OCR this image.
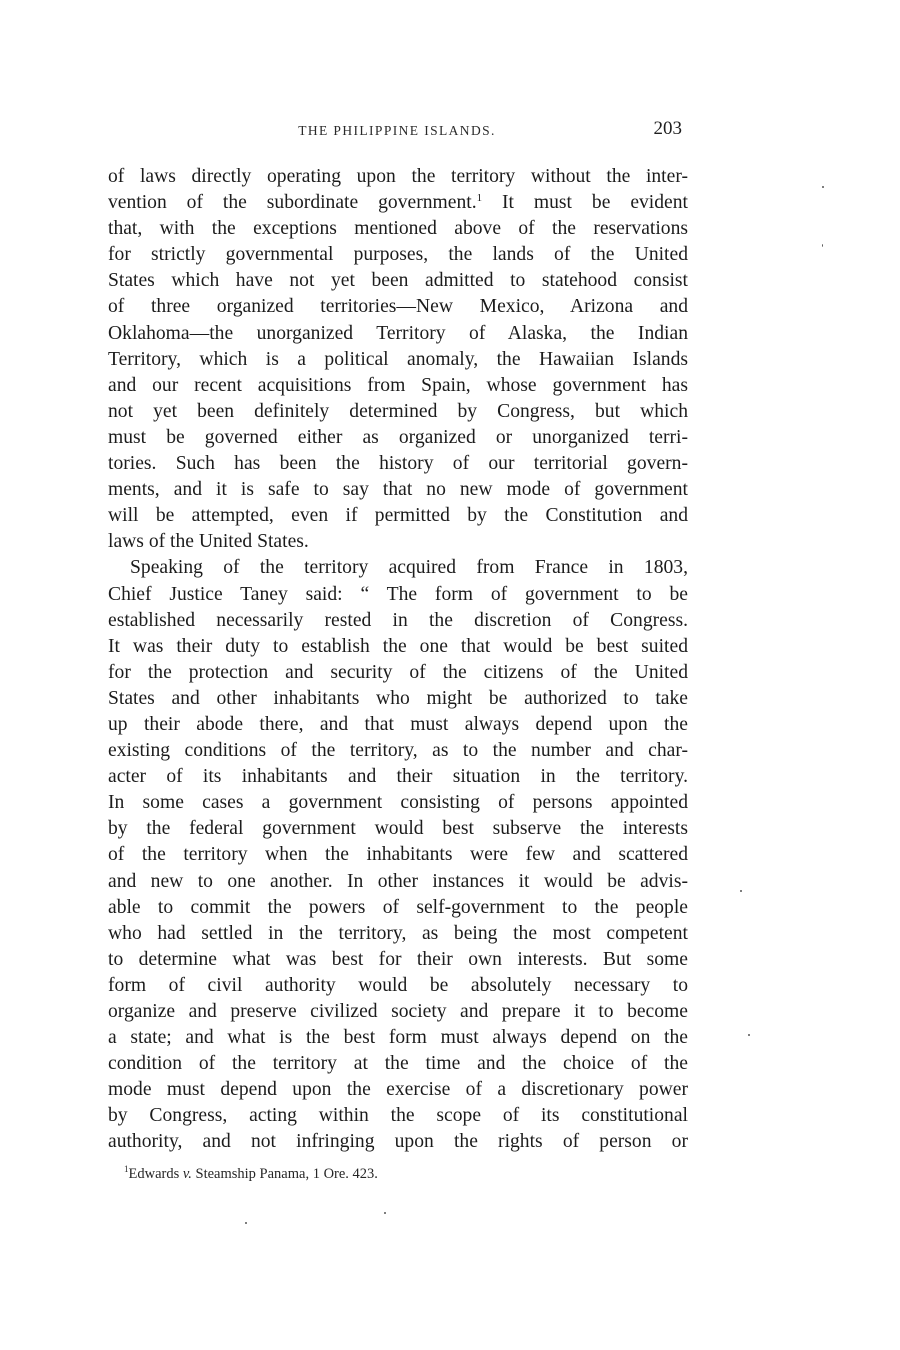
THE PHILIPPINE ISLANDS.	203
of laws directly operating upon the territory without the inter-
vention of the subordinate government.$^1$ It must be evident
that, with the exceptions mentioned above of the reservations
for strictly governmental purposes, the lands of the United
States which have not yet been admitted to statehood consist
of three organized territories—New Mexico, Arizona and
Oklahoma—the unorganized Territory of Alaska, the Indian
Territory, which is a political anomaly, the Hawaiian Islands
and our recent acquisitions from Spain, whose government has
not yet been definitely determined by Congress, but which
must be governed either as organized or unorganized terri-
tories. Such has been the history of our territorial govern-
ments, and it is safe to say that no new mode of government
will be attempted, even if permitted by the Constitution and
laws of the United States.
Speaking of the territory acquired from France in 1803,
Chief Justice Taney said: “ The form of government to be
established necessarily rested in the discretion of Congress.
It was their duty to establish the one that would be best suited
for the protection and security of the citizens of the United
States and other inhabitants who might be authorized to take
up their abode there, and that must always depend upon the
existing conditions of the territory, as to the number and char-
acter of its inhabitants and their situation in the territory.
In some cases a government consisting of persons appointed
by the federal government would best subserve the interests
of the territory when the inhabitants were few and scattered
and new to one another. In other instances it would be advis-
able to commit the powers of self-government to the people
who had settled in the territory, as being the most competent
to determine what was best for their own interests. But some
form of civil authority would be absolutely necessary to
organize and preserve civilized society and prepare it to become
a state; and what is the best form must always depend on the
condition of the territory at the time and the choice of the
mode must depend upon the exercise of a discretionary power
by Congress, acting within the scope of its constitutional
authority, and not infringing upon the rights of person or
$^1$Edwards v. Steamship Panama, 1 Ore. 423.
